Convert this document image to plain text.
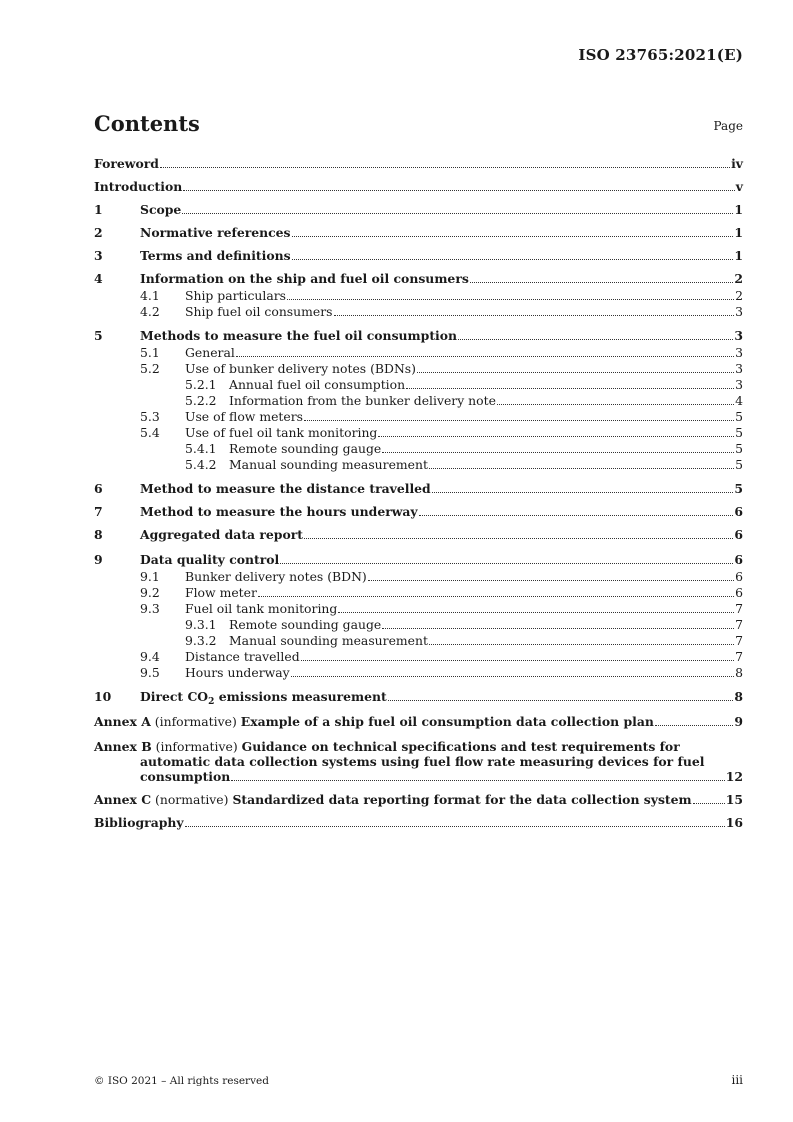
ISO 23765:2021(E)
Contents	Page
Foreword	iv
Introduction	v
1	Scope	1
2	Normative references	1
3	Terms and definitions	1
4	Information on the ship and fuel oil consumers	2
4.1	Ship particulars	2
4.2	Ship fuel oil consumers	3
5	Methods to measure the fuel oil consumption	3
5.1	General	3
5.2	Use of bunker delivery notes (BDNs)	3
5.2.1	Annual fuel oil consumption	3
5.2.2	Information from the bunker delivery note	4
5.3	Use of flow meters	5
5.4	Use of fuel oil tank monitoring	5
5.4.1	Remote sounding gauge	5
5.4.2	Manual sounding measurement	5
6	Method to measure the distance travelled	5
7	Method to measure the hours underway	6
8	Aggregated data report	6
9	Data quality control	6
9.1	Bunker delivery notes (BDN)	6
9.2	Flow meter	6
9.3	Fuel oil tank monitoring	7
9.3.1	Remote sounding gauge	7
9.3.2	Manual sounding measurement	7
9.4	Distance travelled	7
9.5	Hours underway	8
10	Direct $CO_2$ emissions measurement	8
Annex A (informative) Example of a ship fuel oil consumption data collection plan	9
Annex B (informative) Guidance on technical specifications and test requirements for
automatic data collection systems using fuel flow rate measuring devices for fuel
consumption	12
Annex C (normative) Standardized data reporting format for the data collection system	15
Bibliography	16
© ISO 2021 – All rights reserved	iii
